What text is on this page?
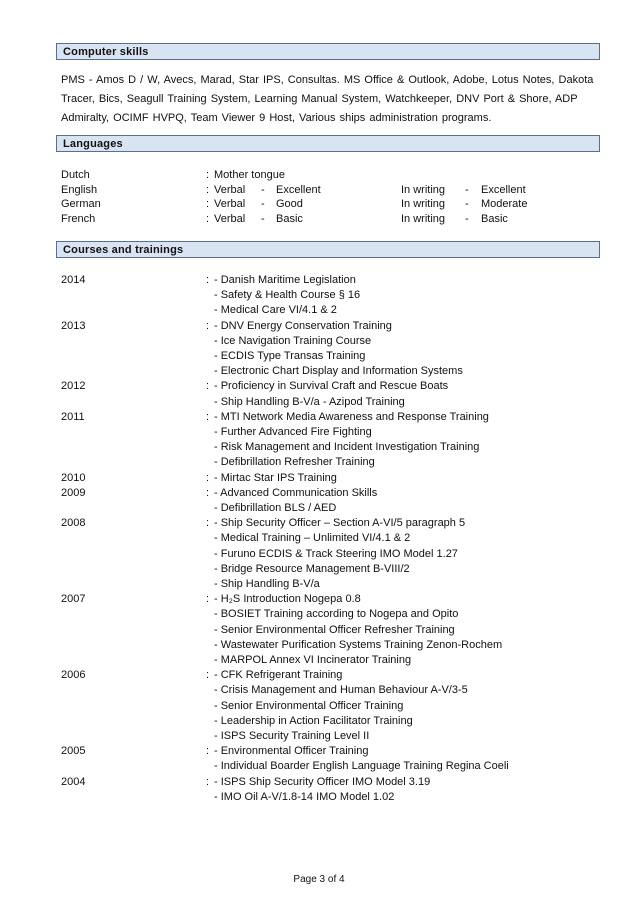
Computer skills
PMS - Amos D / W, Avecs, Marad, Star IPS, Consultas. MS Office & Outlook, Adobe, Lotus Notes, Dakota Tracer, Bics, Seagull Training System, Learning Manual System, Watchkeeper, DNV Port & Shore, ADP Admiralty, OCIMF HVPQ, Team Viewer 9 Host, Various ships administration programs.
Languages
Dutch	: Mother tongue
English	: Verbal - Excellent	In writing - Excellent
German	: Verbal - Good	In writing - Moderate
French	: Verbal - Basic	In writing - Basic
Courses and trainings
2014	: - Danish Maritime Legislation
- Safety & Health Course § 16
- Medical Care VI/4.1 & 2
2013	: - DNV Energy Conservation Training
- Ice Navigation Training Course
- ECDIS Type Transas Training
- Electronic Chart Display and Information Systems
2012	: - Proficiency in Survival Craft and Rescue Boats
- Ship Handling B-V/a - Azipod Training
2011	: - MTI Network Media Awareness and Response Training
- Further Advanced Fire Fighting
- Risk Management and Incident Investigation Training
- Defibrillation Refresher Training
2010	: - Mirtac Star IPS Training
2009	: - Advanced Communication Skills
- Defibrillation BLS / AED
2008	: - Ship Security Officer – Section A-VI/5 paragraph 5
- Medical Training – Unlimited VI/4.1 & 2
- Furuno ECDIS & Track Steering IMO Model 1.27
- Bridge Resource Management B-VIII/2
- Ship Handling B-V/a
2007	: - H₂S Introduction Nogepa 0.8
- BOSIET Training according to Nogepa and Opito
- Senior Environmental Officer Refresher Training
- Wastewater Purification Systems Training Zenon-Rochem
- MARPOL Annex VI Incinerator Training
2006	: - CFK Refrigerant Training
- Crisis Management and Human Behaviour A-V/3-5
- Senior Environmental Officer Training
- Leadership in Action Facilitator Training
- ISPS Security Training Level II
2005	: - Environmental Officer Training
- Individual Boarder English Language Training Regina Coeli
2004	: - ISPS Ship Security Officer IMO Model 3.19
- IMO Oil A-V/1.8-14 IMO Model 1.02
Page 3 of 4
